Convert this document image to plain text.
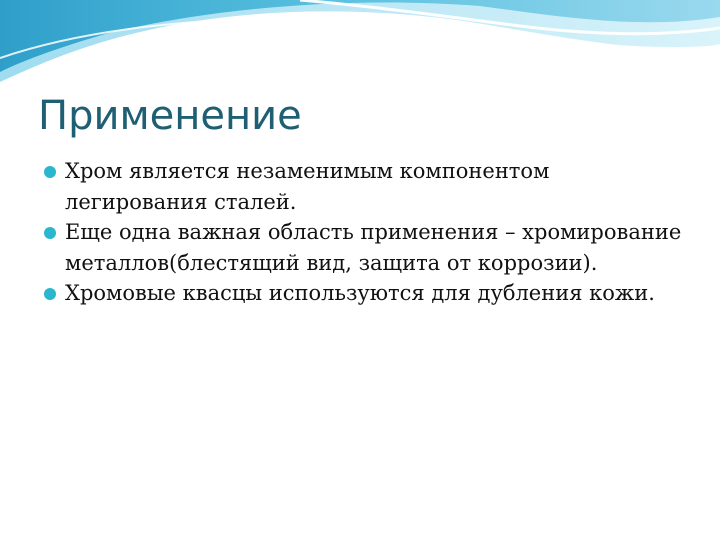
Применение
Хром является незаменимым компонентом легирования сталей.
Еще одна важная область применения – хромирование металлов(блестящий вид, защита от коррозии).
Хромовые квасцы используются для дубления кожи.
